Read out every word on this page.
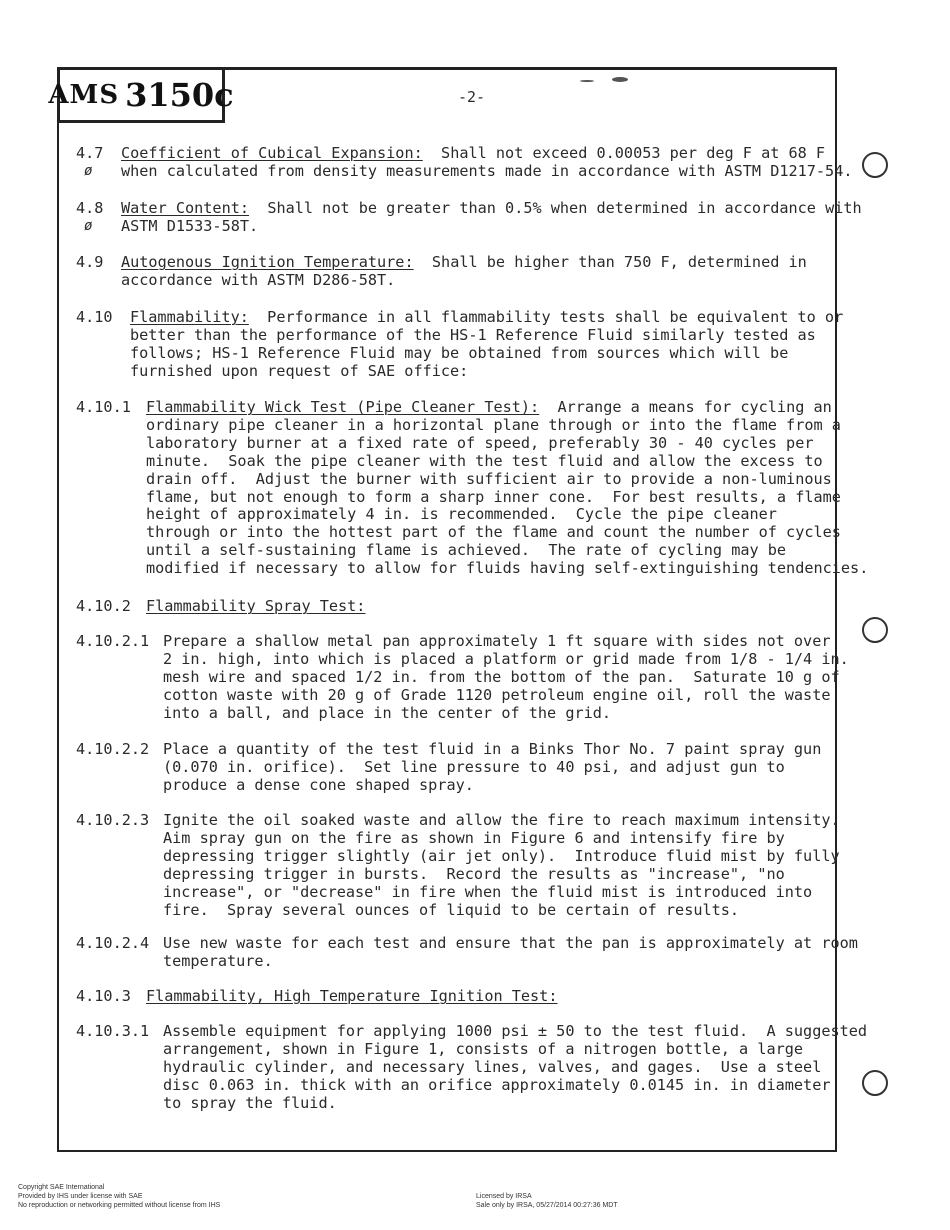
AMS 3150c	-2-
4.7
ø
Coefficient of Cubical Expansion: Shall not exceed 0.00053 per deg F at 68 F
when calculated from density measurements made in accordance with ASTM D1217-54.
4.8
ø
Water Content: Shall not be greater than 0.5% when determined in accordance with
ASTM D1533-58T.
4.9 Autogenous Ignition Temperature: Shall be higher than 750 F, determined in
accordance with ASTM D286-58T.
4.10 Flammability: Performance in all flammability tests shall be equivalent to or
better than the performance of the HS-1 Reference Fluid similarly tested as
follows; HS-1 Reference Fluid may be obtained from sources which will be
furnished upon request of SAE office:
4.10.1 Flammability Wick Test (Pipe Cleaner Test): Arrange a means for cycling an
ordinary pipe cleaner in a horizontal plane through or into the flame from a
laboratory burner at a fixed rate of speed, preferably 30 - 40 cycles per
minute.  Soak the pipe cleaner with the test fluid and allow the excess to
drain off.  Adjust the burner with sufficient air to provide a non-luminous
flame, but not enough to form a sharp inner cone.  For best results, a flame
height of approximately 4 in. is recommended.  Cycle the pipe cleaner
through or into the hottest part of the flame and count the number of cycles
until a self-sustaining flame is achieved.  The rate of cycling may be
modified if necessary to allow for fluids having self-extinguishing tendencies.
4.10.2 Flammability Spray Test:
4.10.2.1 Prepare a shallow metal pan approximately 1 ft square with sides not over
2 in. high, into which is placed a platform or grid made from 1/8 - 1/4 in.
mesh wire and spaced 1/2 in. from the bottom of the pan.  Saturate 10 g of
cotton waste with 20 g of Grade 1120 petroleum engine oil, roll the waste
into a ball, and place in the center of the grid.
4.10.2.2 Place a quantity of the test fluid in a Binks Thor No. 7 paint spray gun
(0.070 in. orifice).  Set line pressure to 40 psi, and adjust gun to
produce a dense cone shaped spray.
4.10.2.3 Ignite the oil soaked waste and allow the fire to reach maximum intensity.
Aim spray gun on the fire as shown in Figure 6 and intensify fire by
depressing trigger slightly (air jet only).  Introduce fluid mist by fully
depressing trigger in bursts.  Record the results as "increase", "no
increase", or "decrease" in fire when the fluid mist is introduced into
fire.  Spray several ounces of liquid to be certain of results.
4.10.2.4 Use new waste for each test and ensure that the pan is approximately at room
temperature.
4.10.3 Flammability, High Temperature Ignition Test:
4.10.3.1 Assemble equipment for applying 1000 psi ± 50 to the test fluid.  A suggested
arrangement, shown in Figure 1, consists of a nitrogen bottle, a large
hydraulic cylinder, and necessary lines, valves, and gages.  Use a steel
disc 0.063 in. thick with an orifice approximately 0.0145 in. in diameter
to spray the fluid.
Copyright SAE International
Provided by IHS under license with SAE
No reproduction or networking permitted without license from IHS
Licensed by IRSA
Sale only by IRSA, 05/27/2014 00:27:36 MDT
